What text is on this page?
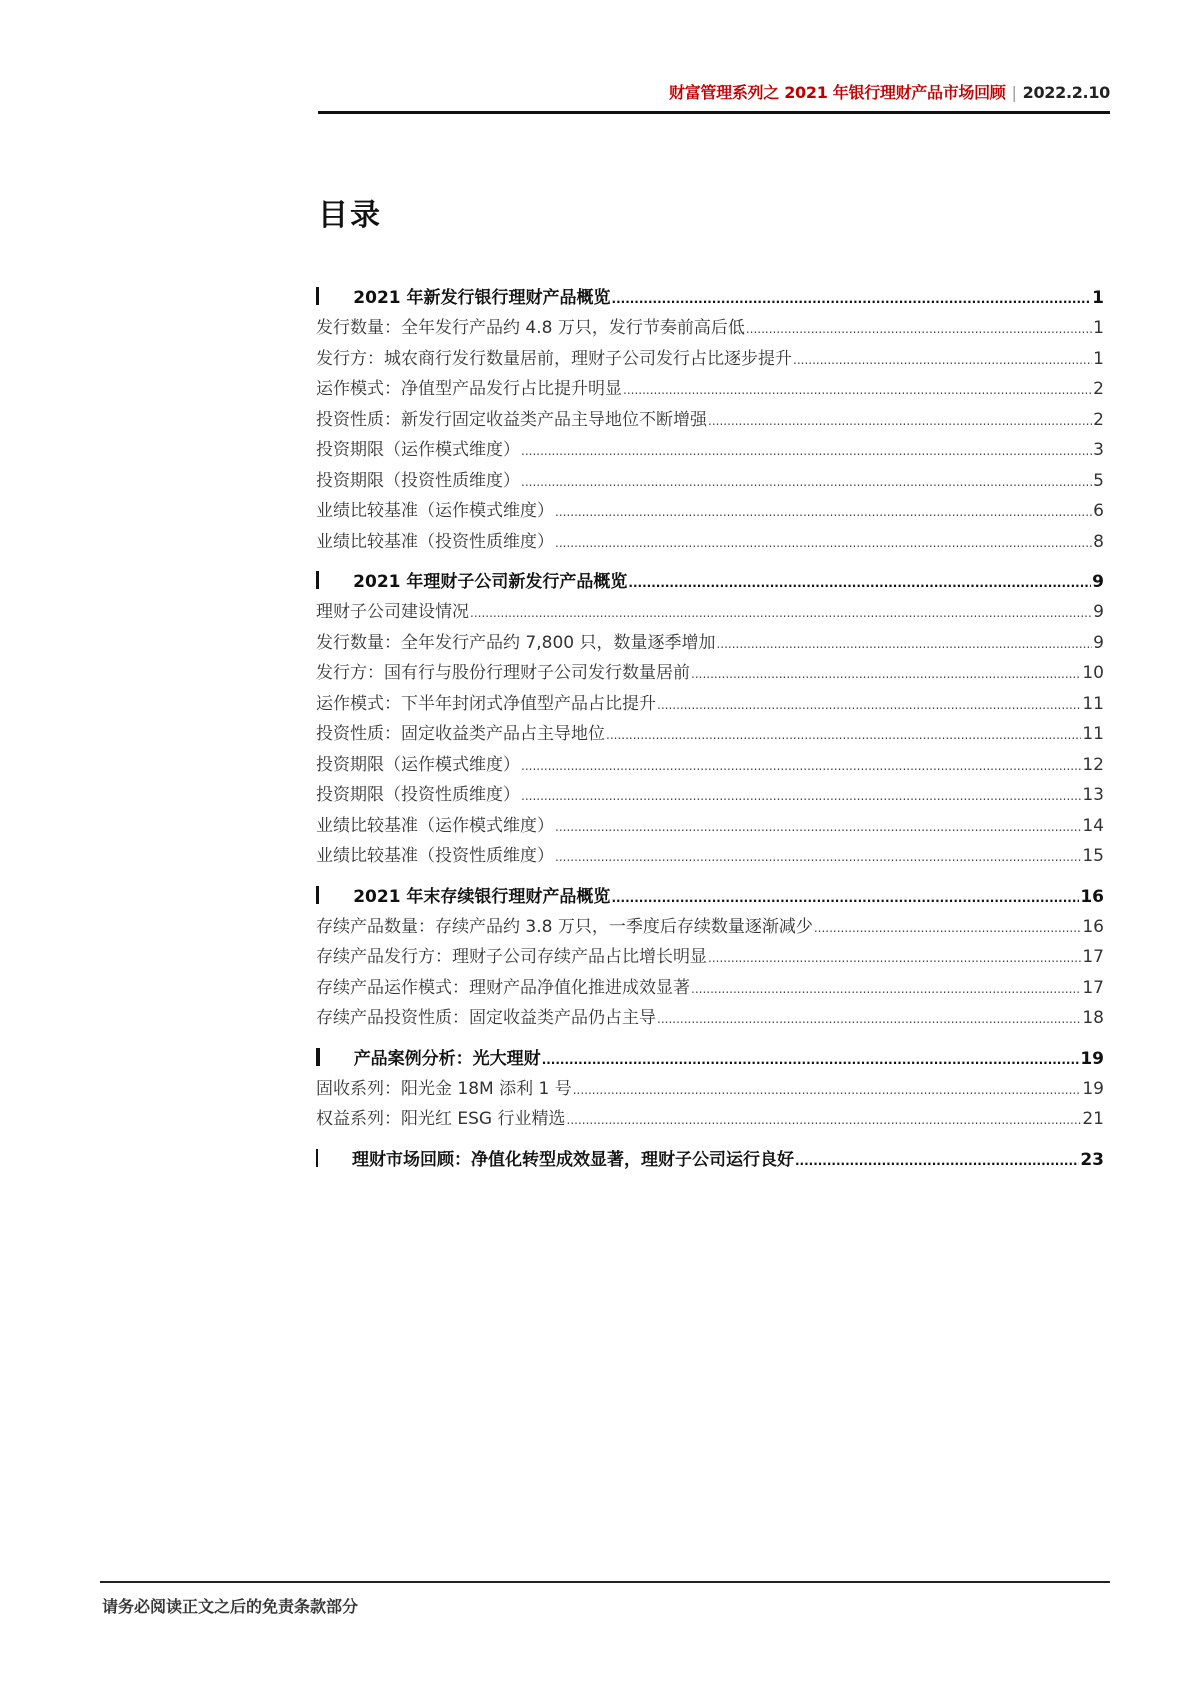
财富管理系列之 2021 年银行理财产品市场回顾 | 2022.2.10
目录
2021 年新发行银行理财产品概览 .....	1
发行数量：全年发行产品约 4.8 万只，发行节奏前高后低 .....	1
发行方：城农商行发行数量居前，理财子公司发行占比逐步提升 .....	1
运作模式：净值型产品发行占比提升明显 .....	2
投资性质：新发行固定收益类产品主导地位不断增强 .....	2
投资期限（运作模式维度） .....	3
投资期限（投资性质维度） .....	5
业绩比较基准（运作模式维度） .....	6
业绩比较基准（投资性质维度） .....	8
2021 年理财子公司新发行产品概览 .....	9
理财子公司建设情况 .....	9
发行数量：全年发行产品约 7,800 只，数量逐季增加 .....	9
发行方：国有行与股份行理财子公司发行数量居前 .....	10
运作模式：下半年封闭式净值型产品占比提升 .....	11
投资性质：固定收益类产品占主导地位 .....	11
投资期限（运作模式维度） .....	12
投资期限（投资性质维度） .....	13
业绩比较基准（运作模式维度） .....	14
业绩比较基准（投资性质维度） .....	15
2021 年末存续银行理财产品概览 .....	16
存续产品数量：存续产品约 3.8 万只，一季度后存续数量逐渐减少 .....	16
存续产品发行方：理财子公司存续产品占比增长明显 .....	17
存续产品运作模式：理财产品净值化推进成效显著 .....	17
存续产品投资性质：固定收益类产品仍占主导 .....	18
产品案例分析：光大理财 .....	19
固收系列：阳光金 18M 添利 1 号 .....	19
权益系列：阳光红 ESG 行业精选 .....	21
理财市场回顾：净值化转型成效显著，理财子公司运行良好 .....	23
请务必阅读正文之后的免责条款部分
